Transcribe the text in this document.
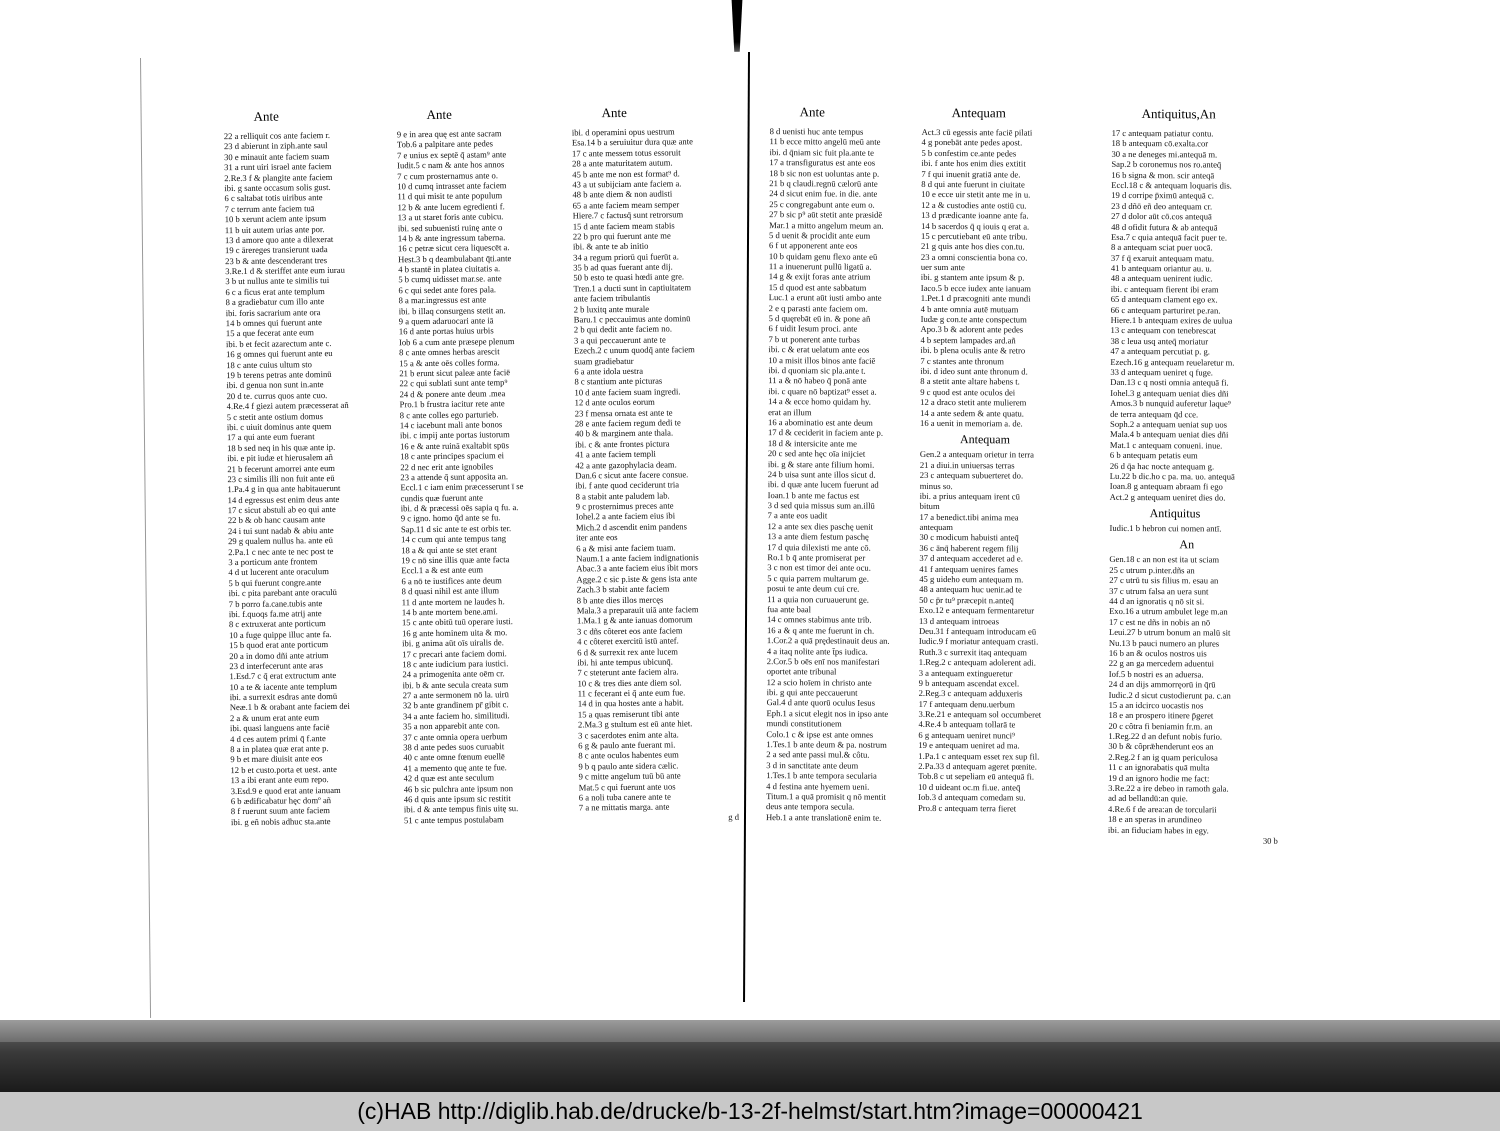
Ante
22 a relliquit cos ante faciem r.
23 d abierunt in ziph.ante saul
30 e minauit ante faciem suam
31 a runt uiri israel ante faciem
2.Re.3 f & plangite ante faciem
ibi. g sante occasum solis gust.
6 c saltabat totis uiribus ante
7 c terrum ante faciem tuā
10 b xerunt aciem ante ipsum
11 b uit autem urias ante por.
13 d amore quo ante a dilexerat
19 c ārereges transierunt uada
23 b & ante descenderant tres
3.Re.1 d & steriffet ante eum iurau
3 b ut nullus ante te similis tui
6 c a ficus erat ante templum
8 a gradiebatur cum illo ante
ibi. foris sacrarium ante ora
14 b omnes qui fuerunt ante
15 a que fecerat ante eum
ibi. b et fecit azarectum ante c.
16 g omnes qui fuerunt ante eu
18 c ante cuius ultum sto
19 b terens petras ante dominū
ibi. d genua non sunt in.ante
20 d te. currus quos ante cuo.
4.Re.4 f giezi autem præcesserat añ
5 c stetit ante ostium domus
ibi. c uiuit dominus ante quem
17 a qui ante eum fuerant
18 b sed neq in his quæ ante ip.
ibi. e pit iudæ et hierusalem añ
21 b fecerunt amorrei ante eum
23 c similis illi non fuit ante eū
1.Pa.4 g in qua ante habitauerunt
14 d egressus est enim deus ante
17 c sicut abstuli ab eo qui ante
22 b & ob hanc causam ante
24 i tui sunt nadab & abiu ante
29 g qualem nullus ha. ante eū
2.Pa.1 c nec ante te nec post te
3 a porticum ante frontem
4 d ut lucerent ante oraculum
5 b qui fuerunt congre.ante
ibi. c pita parebant ante oraculū
7 b porro fa.cane.tubis ante
ibi. f.quoqs fa.me atrij ante
8 c extruxerat ante porticum
10 a fuge quippe illuc ante fa.
15 b quod erat ante porticum
20 a in domo dñi ante atrium
23 d interfecerunt ante aras
1.Esd.7 c q̄ erat extructum ante
10 a te & iacente ante templum
ibi. a surrexit esdras ante domū
Neæ.1 b & orabant ante faciem dei
2 a & unum erat ante eum
ibi. quasi languens ante faciē
4 d ces autem primi q̄ f.ante
8 a in platea quæ erat ante p.
9 b et mare diuisit ante eos
12 b et custo.porta et uest. ante
13 a ibi erant ante eum repo.
3.Esd.9 e quod erat ante ianuam
6 b ædificabatur hęc domº añ
8 f ruerunt suum ante faciem
ibi. g eñ nobis adhuc sta.ante
Ante
9 e in area quę est ante sacram
Tob.6 a palpitare ante pedes
7 e unius ex septē q̄ astam⁹ ante
Iudit.5 c nam & ante hos annos
7 c cum prosternamus ante o.
10 d cumq intrasset ante faciem
11 d qui misit te ante populum
12 b & ante lucem egredienti f.
13 a ut staret foris ante cubicu.
ibi. sed subuenisti ruinę ante o
14 b & ante ingressum taberna.
16 c petræ sicut cera liquescēt a.
Hest.3 b q deambulabant q̄ti.ante
4 b stantē in platea ciuitatis a.
5 b cumq uidisset mar.se. ante
6 c qui sedet ante fores pala.
8 a mar.ingressus est ante
ibi. b illaq consurgens stetit an.
9 a quem adaruocari ante iā
16 d ante portas huius urbis
Iob 6 a cum ante præsepe plenum
8 c ante omnes herbas arescit
15 a & ante oēs colles forma.
21 b erunt sicut paleæ ante faciē
22 c qui sublati sunt ante temp⁹
24 d & ponere ante deum .mea
Pro.1 b frustra iacitur rete ante
8 c ante colles ego parturieb.
14 c iacebunt mali ante bonos
ibi. c impij ante portas iustorum
16 e & ante ruinā exaltabit spūs
18 c ante principes spacium ei
22 d nec erit ante ignobiles
23 a attende q̄ sunt apposita an.
Eccl.1 c iam enim præcesserunt ī se
cundis quæ fuerunt ante
ibi. d & præcessi oēs sapia q fu. a.
9 c igno. homo q̄d ante se fu.
Sap.11 d sic ante te est orbis ter.
14 c cum qui ante tempus tang
18 a & qui ante se stet erant
19 c nō sine illis quæ ante facta
Eccl.1 a & est ante eum
6 a nō te iustifices ante deum
8 d quasi nihil est ante illum
11 d ante mortem ne laudes h.
14 b ante mortem bene.ami.
15 c ante obitū tuū operare iusti.
16 g ante hominem uita & mo.
ibi. g anima aūt oīs uiralis de.
17 c precari ante faciem domi.
18 c ante iudicium para iustici.
24 a primogenita ante oēm cr.
ibi. b & ante secula creata sum
27 a ante sermonem nō la. uirū
32 b ante grandinem pr̄ gibit c.
34 a ante faciem ho. similitudi.
35 a non apparebit ante con.
37 c ante omnia opera uerbum
38 d ante pedes suos curuabit
40 c ante omne fœnum euellē
41 a memento quę ante te fue.
42 d quæ est ante seculum
46 b sic pulchra ante ipsum non
46 d quis ante ipsum sic restitit
ibi. d & ante tempus finis uitę su.
51 c ante tempus postulabam
Ante
ibi. d operamini opus uestrum
Esa.14 b a seruiuitur dura quæ ante
17 c ante messem totus essoruit
28 a ante maturitatem autum.
45 b ante me non est format⁹ d.
43 a ut subijciam ante faciem a.
48 b ante diem & non audisti
65 a ante faciem meam semper
Hiere.7 c factusq̄ sunt retrorsum
15 d ante faciem meam stabis
22 b pro qui fuerunt ante me
ibi. & ante te ab initio
34 a regum priorū qui fuerūt a.
35 b ad quas fuerant ante dij.
50 b esto te quasi hœdi ante gre.
Tren.1 a ducti sunt in captiuitatem
ante faciem tribulantis
2 b luxitq ante murale
Baru.1 c peccauimus ante dominū
2 b qui dedit ante faciem no.
3 a qui peccauerunt ante te
Ezech.2 c unum quodq̄ ante faciem
suam gradiebatur
6 a ante idola uestra
8 c stantium ante picturas
10 d ante faciem suam ingredi.
12 d ante oculos eorum
23 f mensa ornata est ante te
28 e ante faciem regum dedi te
40 b & marginem ante thala.
ibi. c & ante frontes pictura
41 a ante faciem templi
42 a ante gazophylacia deam.
Dan.6 c sicut ante facere consue.
ibi. f ante quod ceciderunt tria
8 a stabit ante paludem lab.
9 c prosternimus preces ante
Iohel.2 a ante faciem eius ibi
Mich.2 d ascendit enim pandens
iter ante eos
6 a & misi ante faciem tuam.
Naum.1 a ante faciem indignationis
Abac.3 a ante faciem eius ibit mors
Agge.2 c sic p.iste & gens ista ante
Zach.3 b stabit ante faciem
8 b ante dies illos mercęs
Mala.3 a preparauit uiā ante faciem
1.Ma.1 g & ante ianuas domorum
3 c dñs côteret eos ante faciem
4 c côteret exercitū istū antef.
6 d & surrexit rex ante lucem
ibi. hi ante tempus ubicunq̄.
7 c steterunt ante faciem alra.
10 c & tres dies ante diem sol.
11 c fecerant ei q̄ ante eum fue.
14 d in qua hostes ante a habit.
15 a quas remiserunt tibi ante
2.Ma.3 g stultum est eū ante hiet.
3 c sacerdotes enim ante alta.
6 g & paulo ante fuerant mi.
8 c ante oculos habentes eum
9 b q paulo ante sidera cælic.
9 c mitte angelum tuū bū ante
Mat.5 c qui fuerunt ante uos
6 a noli tuba canere ante te
7 a ne mittatis marga. ante
g d
Ante
8 d uenisti huc ante tempus
11 b ecce mitto angelū meū ante
ibi. d q̄niam sic fuit pla.ante te
17 a transfiguratus est ante eos
18 b sic non est uoluntas ante p.
21 b q claudi.regnū cælorū ante
24 d sicut enim fue. in die. ante
25 c congregabunt ante eum o.
27 b sic p⁹ aūt stetit ante præsidē
Mar.1 a mitto angelum meum an.
5 d uenit & procidit ante eum
6 f ut apponerent ante eos
10 b quidam genu flexo ante eū
11 a inuenerunt pullū ligatū a.
14 g & exijt foras ante atrium
15 d quod est ante sabbatum
Luc.1 a erunt aūt iusti ambo ante
2 e q parasti ante faciem om.
5 d quęrebāt eū in. & pone añ
6 f uidit Iesum proci. ante
7 b ut ponerent ante turbas
ibi. c & erat uelatum ante eos
10 a misit illos binos ante faciē
ibi. d quoniam sic pla.ante t.
11 a & nō habeo q̄ ponā ante
ibi. c quare nō baptizat⁹ esset a.
14 a & ecce homo quidam hy.
erat an illum
16 a abominatio est ante deum
17 d & ceciderit in faciem ante p.
18 d & intersicite ante me
20 c sed ante hęc oīa inijciet
ibi. g & stare ante filium homi.
24 b uisa sunt ante illos sicut d.
ibi. d quæ ante lucem fuerunt ad
Ioan.1 b ante me factus est
3 d sed quia missus sum an.illū
7 a ante eos uadit
12 a ante sex dies paschę uenit
13 a ante diem festum paschę
17 d quia dilexisti me ante cō.
Ro.1 b q̄ ante promiserat per
3 c non est timor dei ante ocu.
5 c quia parrem multarum ge.
posui te ante deum cui cre.
11 a quia non curuauerunt ge.
fua ante baal
14 c omnes stabimus ante trib.
16 a & q ante me fuerunt in ch.
1.Cor.2 a quā prędestinauit deus an.
4 a itaq nolite ante t̄ps iudica.
2.Cor.5 b oēs enī nos manifestari
oportet ante tribunal
12 a scio hoīem in christo ante
ibi. g qui ante peccauerunt
Gal.4 d ante quorū oculus Iesus
Eph.1 a sicut elegit nos in ipso ante
mundi constitutionem
Colo.1 c & ipse est ante omnes
1.Tes.1 b ante deum & pa. nostrum
2 a sed ante passi mul.& côtu.
3 d in sanctitate ante deum
1.Tes.1 b ante tempora secularia
4 d festina ante hyemem ueni.
Titum.1 a quā promisit q nō mentit
deus ante tempora secula.
Heb.1 a ante translationē enim te.
Antequam
Act.3 cū egessis ante faciē pilati
4 g ponebāt ante pedes apost.
5 b confestim ce.ante pedes
ibi. f ante hos enim dies extitit
7 f qui inuenit gratiā ante de.
8 d qui ante fuerunt in ciuitate
10 e ecce uir stetit ante me in u.
12 a & custodies ante ostiū cu.
13 d prædicante ioanne ante fa.
14 b sacerdos q̄ q iouis q erat a.
15 c percutiebant eū ante tribu.
21 g quis ante hos dies con.tu.
23 a omni conscientia bona co.
uer sum ante
ibi. g stantem ante ipsum & p.
Iaco.5 b ecce iudex ante ianuam
1.Pet.1 d præcogniti ante mundi
4 b ante omnia autē mutuam
Iudæ g con.te ante conspectum
Apo.3 b & adorent ante pedes
4 b septem lampades ard.añ
ibi. b plena oculis ante & retro
7 c stantes ante thronum
ibi. d ideo sunt ante thronum d.
8 a stetit ante altare habens t.
9 c quod est ante oculos dei
12 a draco stetit ante mulierem
14 a ante sedem & ante quatu.
16 a uenit in memoriam a. de.
Antequam
Gen.2 a antequam orietur in terra
21 a diui.in uniuersas terras
23 c antequam subuerteret do.
minus so.
ibi. a prius antequam irent cū
bitum
17 a benedict.tibi anima mea
antequam
30 c modicum habuisti anteq̄
36 c ānq̄ haberent regem filij
37 d antequam accederet ad e.
41 f antequam uenires fames
45 g uideho eum antequam m.
48 a antequam huc uenir.ad te
50 c p̄r tu⁹ præcepit n.anteq̄
Exo.12 e antequam fermentaretur
13 d antequam introeas
Deu.31 f antequam introducam eū
Iudic.9 f moriatur antequam crasti.
Ruth.3 c surrexit itaq antequam
1.Reg.2 c antequam adolerent adi.
3 a antequam extingueretur
9 b antequam ascendat excel.
2.Reg.3 c antequam adduxeris
17 f antequam denu.uerbum
3.Re.21 e antequam sol occumberet
4.Re.4 b antequam tollarā te
6 g antequam ueniret nunci⁹
19 e antequam ueniret ad ma.
1.Pa.1 c antequam esset rex sup fil.
2.Pa.33 d antequam ageret pœnite.
Tob.8 c ut sepeliam eū antequā fi.
10 d uideant oc.m fi.ue. anteq̄
Iob.3 d antequam comedam su.
Pro.8 c antequam terra fieret
Antiquitus,An
17 c antequam patiatur contu.
18 b antequam cō.exalta.cor
30 a ne deneges mi.antequā m.
Sap.2 b coronemus nos ro.anteq̄
16 b signa & mon. scir anteqā
Eccl.18 c & antequam loquaris dis.
19 d corripe p̄ximū antequā c.
23 d dñō eñ deo antequam cr.
27 d dolor aūt cō.cos antequā
48 d ofidit futura & ab antequā
Esa.7 c quia antequā facit puer te.
8 a antequam sciat puer uocā.
37 f q̄ exaruit antequam matu.
41 b antequam oriantur au. u.
48 a antequam uenirent iudic.
ibi. c antequam fierent ibi eram
65 d antequam clament ego ex.
66 c antequam parturiret pe.ran.
Hiere.1 b antequam exires de uulua
13 c antequam con tenebrescat
38 c leua usq anteq̄ moriatur
47 a antequam percutiat p. g.
Ezech.16 g antequam reuelaretur m.
33 d antequam ueniret q fuge.
Dan.13 c q nosti omnia antequā fi.
Iohel.3 g antequam ueniat dies dñi
Amos.3 b nunquid auferetur laque⁹
de terra antequam q̄d cce.
Soph.2 a antequam ueniat sup uos
Mala.4 b antequam ueniat dies dñi
Mat.1 c antequam conueni. inue.
6 b antequam petatis eum
26 d q̄a hac nocte antequam g.
Lu.22 b dic.ho c pa. ma. uo. antequā
Ioan.8 g antequam abraam fi ego
Act.2 g antequam ueniret dies do.
Antiquitus
Iudic.1 b hebron cui nomen antī.
An
Gen.18 c an non est ita ut sciam
25 c utrum p.inter.dñs an
27 c utrū tu sis filius m. esau an
37 c utrum falsa an uera sunt
44 d an ignoratis q nō sit si.
Exo.16 a utrum ambulet lege m.an
17 c est ne dñs in nobis an nō
Leui.27 b utrum bonum an malū sit
Nu.13 b pauci numero an plures
16 b an & oculos nostros uis
22 g an ga mercedem aduentui
Iof.5 b nostri es an aduersa.
24 d an dijs ammorręorū in q̄rū
Iudic.2 d sicut custodierunt pa. c.an
15 a an idcirco uocastis nos
18 e an prospero itinere p̄geret
20 c côtra fi beniamin fr.m. an
1.Reg.22 d an defunt nobis furio.
30 b & côprǣhenderunt eos an
2.Reg.2 f an ig quam periculosa
11 c an ignorabatis quā multa
19 d an ignoro hodie me fact:
3.Re.22 a ire debeo in ramoth gala.
ad ad bellandū:an quie.
4.Re.6 f de area:an de torcularii
18 e an speras in arundineo
ibi. an fiduciam habes in egy.
30 b
(c)HAB http://diglib.hab.de/drucke/b-13-2f-helmst/start.htm?image=00000421
